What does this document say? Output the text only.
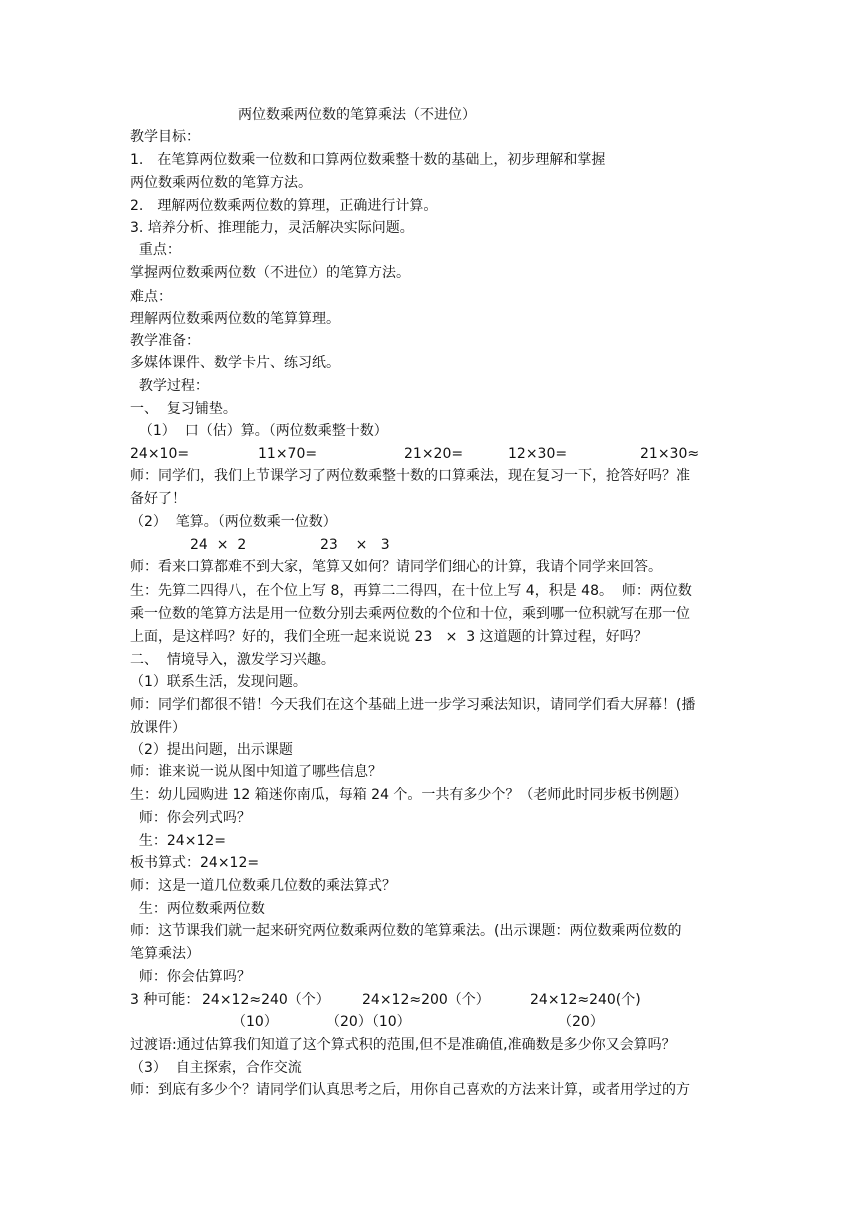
两位数乘两位数的笔算乘法（不进位）
教学目标：
1.　在笔算两位数乘一位数和口算两位数乘整十数的基础上，初步理解和掌握
两位数乘两位数的笔算方法。
2.　理解两位数乘两位数的算理，正确进行计算。
3. 培养分析、推理能力，灵活解决实际问题。
重点：
掌握两位数乘两位数（不进位）的笔算方法。
难点：
理解两位数乘两位数的笔算算理。
教学准备：
多媒体课件、数学卡片、练习纸。
教学过程：
一、  复习铺垫。
（1）  口（估）算。（两位数乘整十数）
24×10=	11×70=	21×20=	12×30=	21×30≈
师：同学们，我们上节课学习了两位数乘整十数的口算乘法，现在复习一下，抢答好吗？准
备好了！
（2）  笔算。（两位数乘一位数）
24  ×  2	23    ×   3
师：看来口算都难不到大家，笔算又如何？请同学们细心的计算，我请个同学来回答。
生：先算二四得八，在个位上写 8，再算二二得四，在十位上写 4，积是 48。  师：两位数
乘一位数的笔算方法是用一位数分别去乘两位数的个位和十位，乘到哪一位积就写在那一位
上面，是这样吗？好的，我们全班一起来说说 23   ×  3 这道题的计算过程，好吗？
二、  情境导入，激发学习兴趣。
（1）联系生活，发现问题。
师：同学们都很不错！今天我们在这个基础上进一步学习乘法知识，请同学们看大屏幕！(播
放课件）
（2）提出问题，出示课题
师：谁来说一说从图中知道了哪些信息？
生：幼儿园购进 12 箱迷你南瓜，每箱 24 个。一共有多少个？（老师此时同步板书例题）
师：你会列式吗？
生：24×12=
板书算式：24×12=
师：这是一道几位数乘几位数的乘法算式？
生：两位数乘两位数
师：这节课我们就一起来研究两位数乘两位数的笔算乘法。(出示课题：两位数乘两位数的
笔算乘法）
师：你会估算吗？
3 种可能： 24×12≈240（个） 24×12≈200（个）	24×12≈240(个)
（10）	（20）（10）	（20）
过渡语:通过估算我们知道了这个算式积的范围,但不是准确值,准确数是多少你又会算吗？
（3）  自主探索，合作交流
师：到底有多少个？请同学们认真思考之后，用你自己喜欢的方法来计算，或者用学过的方
